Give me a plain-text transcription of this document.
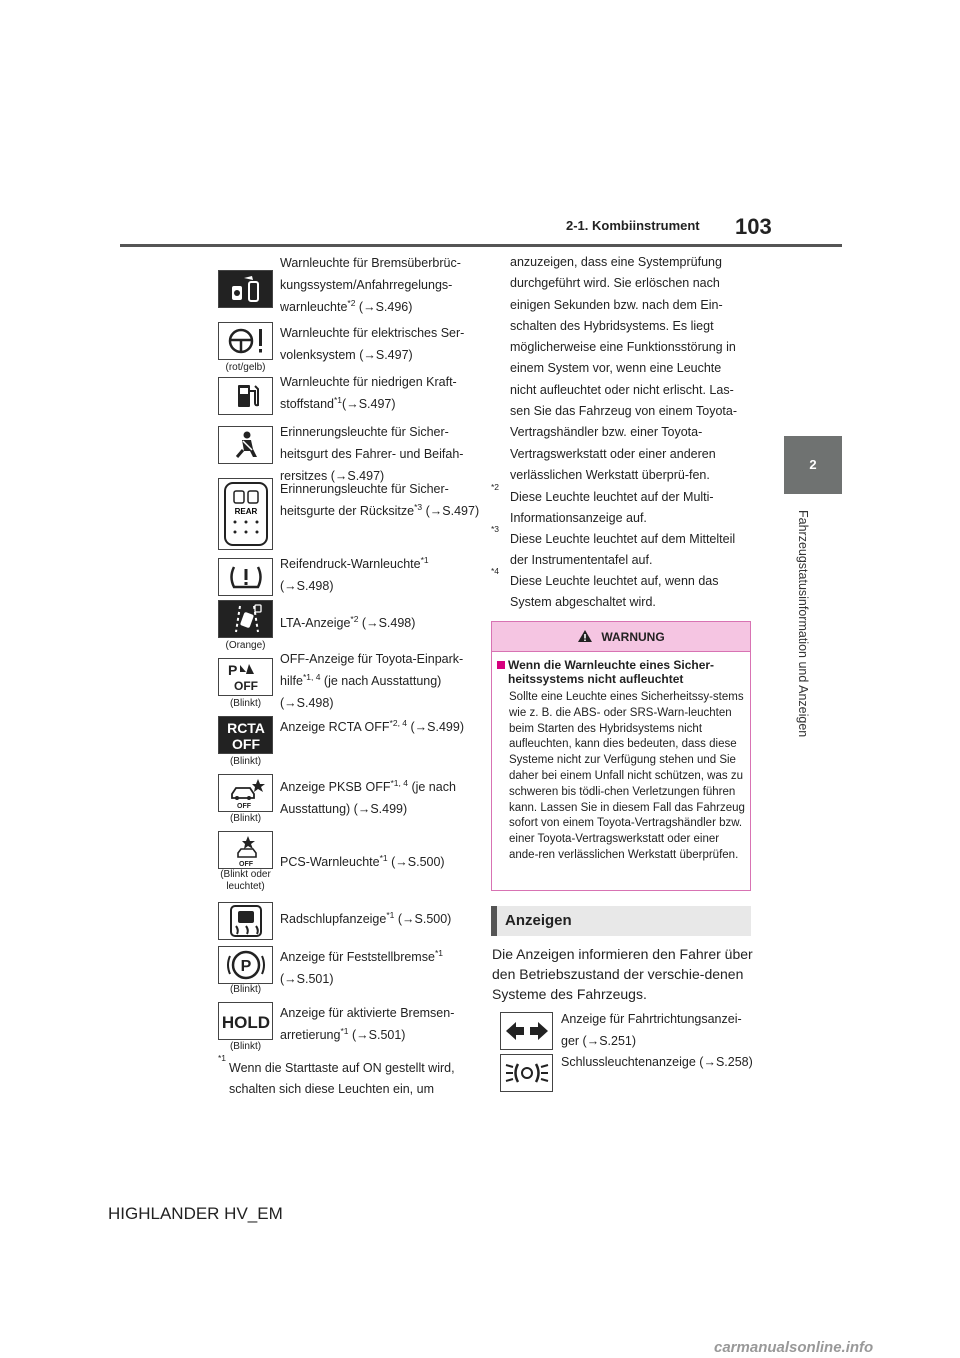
2-1. Kombiinstrument 103
2
Fahrzeugstatusinformation und Anzeigen
Warnleuchte für Bremsüberbrüc-kungssystem/Anfahrregelungs-warnleuchte$^{*2}$ (→S.496)
(rot/gelb)
Warnleuchte für elektrisches Ser-volenksystem (→S.497)
Warnleuchte für niedrigen Kraft-stoffstand$^{*1}$(→S.497)
Erinnerungsleuchte für Sicher-heitsgurt des Fahrer- und Beifah-rersitzes (→S.497)
REAR
Erinnerungsleuchte für Sicher-heitsgurte der Rücksitze$^{*3}$ (→S.497)
Reifendruck-Warnleuchte$^{*1}$ (→S.498)
(Orange)
LTA-Anzeige$^{*2}$ (→S.498)
P
OFF
(Blinkt)
OFF-Anzeige für Toyota-Einpark-hilfe$^{*1, 4}$ (je nach Ausstattung) (→S.498)
RCTA
OFF
(Blinkt)
Anzeige RCTA OFF$^{*2, 4}$ (→S.499)
OFF
(Blinkt)
Anzeige PKSB OFF$^{*1, 4}$ (je nach Ausstattung) (→S.499)
OFF
(Blinkt oder leuchtet)
PCS-Warnleuchte$^{*1}$ (→S.500)
Radschlupfanzeige$^{*1}$ (→S.500)
P
(Blinkt)
Anzeige für Feststellbremse$^{*1}$ (→S.501)
HOLD
(Blinkt)
Anzeige für aktivierte Bremsen-arretierung$^{*1}$ (→S.501)
*1
Wenn die Starttaste auf ON gestellt wird, schalten sich diese Leuchten ein, um
anzuzeigen, dass eine Systemprüfung durchgeführt wird. Sie erlöschen nach einigen Sekunden bzw. nach dem Ein-schalten des Hybridsystems. Es liegt möglicherweise eine Funktionsstörung in einem System vor, wenn eine Leuchte nicht aufleuchtet oder nicht erlischt. Las-sen Sie das Fahrzeug von einem Toyota-Vertragshändler bzw. einer Toyota-Vertragswerkstatt oder einer anderen verlässlichen Werkstatt überprü-fen.
*2
Diese Leuchte leuchtet auf der Multi-Informationsanzeige auf.
*3
Diese Leuchte leuchtet auf dem Mittelteil der Instrumententafel auf.
*4
Diese Leuchte leuchtet auf, wenn das System abgeschaltet wird.
WARNUNG
Wenn die Warnleuchte eines Sicher-heitssystems nicht aufleuchtet
Sollte eine Leuchte eines Sicherheitssy-stems wie z. B. die ABS- oder SRS-Warn-leuchten beim Starten des Hybridsystems nicht aufleuchten, kann dies bedeuten, dass diese Systeme nicht zur Verfügung stehen und Sie daher bei einem Unfall nicht schützen, was zu schweren bis tödli-chen Verletzungen führen kann. Lassen Sie in diesem Fall das Fahrzeug sofort von einem Toyota-Vertragshändler bzw. einer Toyota-Vertragswerkstatt oder einer ande-ren verlässlichen Werkstatt überprüfen.
Anzeigen
Die Anzeigen informieren den Fahrer über den Betriebszustand der verschie-denen Systeme des Fahrzeugs.
Anzeige für Fahrtrichtungsanzei-ger (→S.251)
Schlussleuchtenanzeige (→S.258)
HIGHLANDER HV_EM
carmanualsonline.info
